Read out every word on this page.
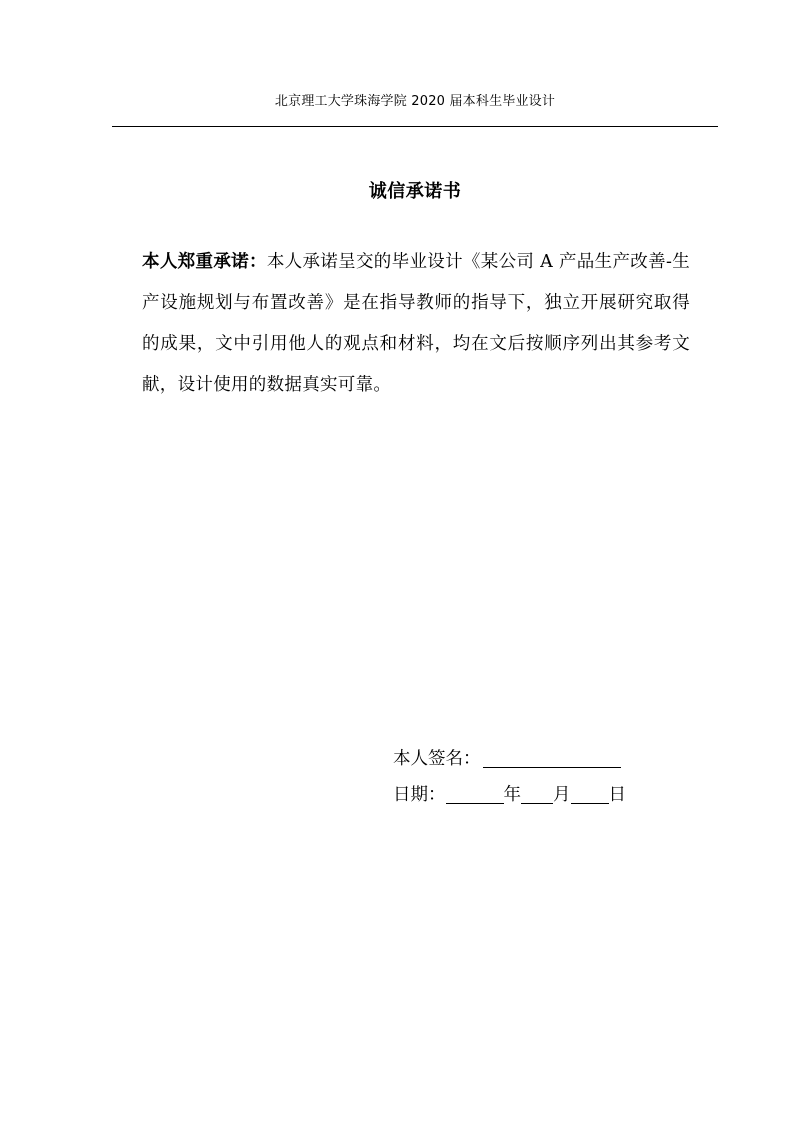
北京理工大学珠海学院 2020 届本科生毕业设计
诚信承诺书
本人郑重承诺：本人承诺呈交的毕业设计《某公司 A 产品生产改善-生产设施规划与布置改善》是在指导教师的指导下，独立开展研究取得的成果，文中引用他人的观点和材料，均在文后按顺序列出其参考文献，设计使用的数据真实可靠。
本人签名：
日期：	年 月 日
